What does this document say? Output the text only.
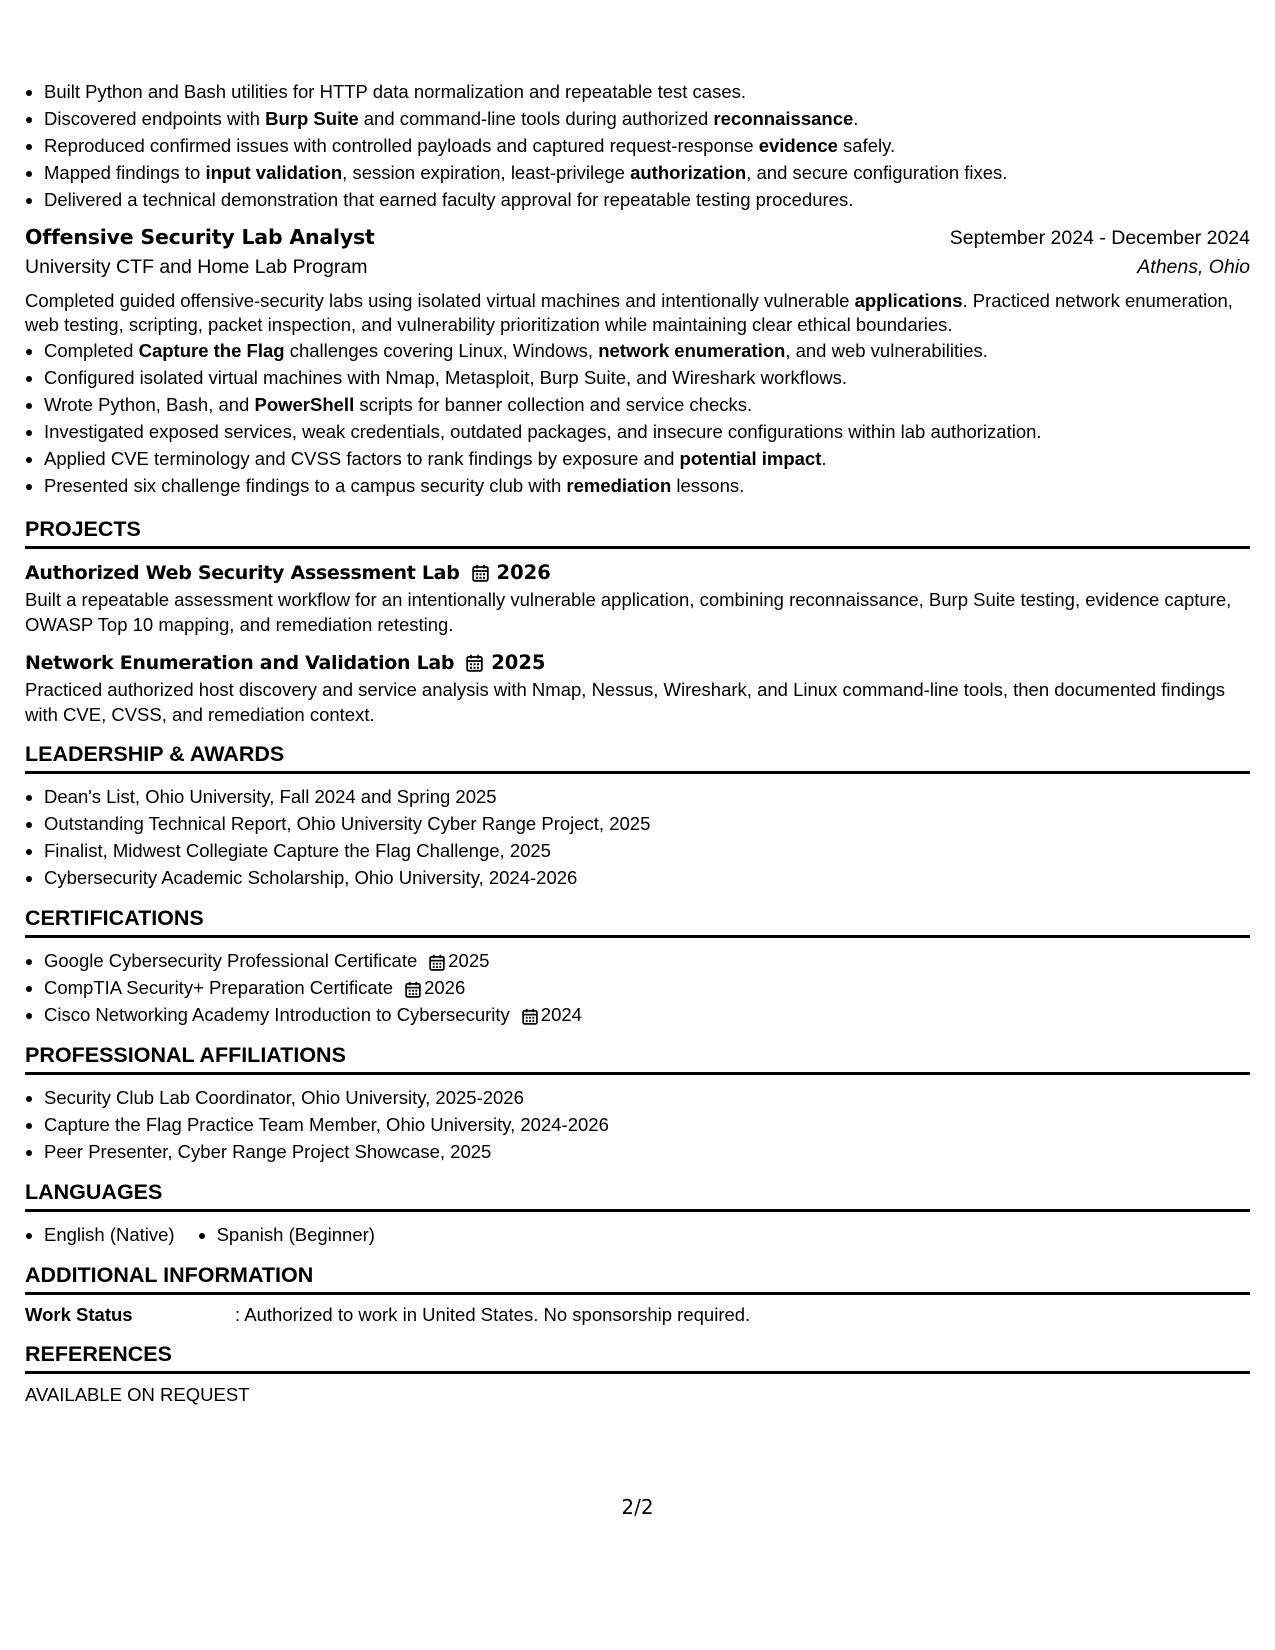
• Built Python and Bash utilities for HTTP data normalization and repeatable test cases.
• Discovered endpoints with Burp Suite and command-line tools during authorized reconnaissance.
• Reproduced confirmed issues with controlled payloads and captured request-response evidence safely.
• Mapped findings to input validation, session expiration, least-privilege authorization, and secure configuration fixes.
• Delivered a technical demonstration that earned faculty approval for repeatable testing procedures.
Offensive Security Lab Analyst	September 2024 - December 2024
University CTF and Home Lab Program	Athens, Ohio
Completed guided offensive-security labs using isolated virtual machines and intentionally vulnerable applications. Practiced network enumeration, web testing, scripting, packet inspection, and vulnerability prioritization while maintaining clear ethical boundaries.
• Completed Capture the Flag challenges covering Linux, Windows, network enumeration, and web vulnerabilities.
• Configured isolated virtual machines with Nmap, Metasploit, Burp Suite, and Wireshark workflows.
• Wrote Python, Bash, and PowerShell scripts for banner collection and service checks.
• Investigated exposed services, weak credentials, outdated packages, and insecure configurations within lab authorization.
• Applied CVE terminology and CVSS factors to rank findings by exposure and potential impact.
• Presented six challenge findings to a campus security club with remediation lessons.
PROJECTS
Authorized Web Security Assessment Lab 2026
Built a repeatable assessment workflow for an intentionally vulnerable application, combining reconnaissance, Burp Suite testing, evidence capture, OWASP Top 10 mapping, and remediation retesting.
Network Enumeration and Validation Lab 2025
Practiced authorized host discovery and service analysis with Nmap, Nessus, Wireshark, and Linux command-line tools, then documented findings with CVE, CVSS, and remediation context.
LEADERSHIP & AWARDS
• Dean's List, Ohio University, Fall 2024 and Spring 2025
• Outstanding Technical Report, Ohio University Cyber Range Project, 2025
• Finalist, Midwest Collegiate Capture the Flag Challenge, 2025
• Cybersecurity Academic Scholarship, Ohio University, 2024-2026
CERTIFICATIONS
• Google Cybersecurity Professional Certificate 2025
• CompTIA Security+ Preparation Certificate 2026
• Cisco Networking Academy Introduction to Cybersecurity 2024
PROFESSIONAL AFFILIATIONS
• Security Club Lab Coordinator, Ohio University, 2025-2026
• Capture the Flag Practice Team Member, Ohio University, 2024-2026
• Peer Presenter, Cyber Range Project Showcase, 2025
LANGUAGES
• English (Native)
• Spanish (Beginner)
ADDITIONAL INFORMATION
Work Status	: Authorized to work in United States. No sponsorship required.
REFERENCES
AVAILABLE ON REQUEST
2/2
